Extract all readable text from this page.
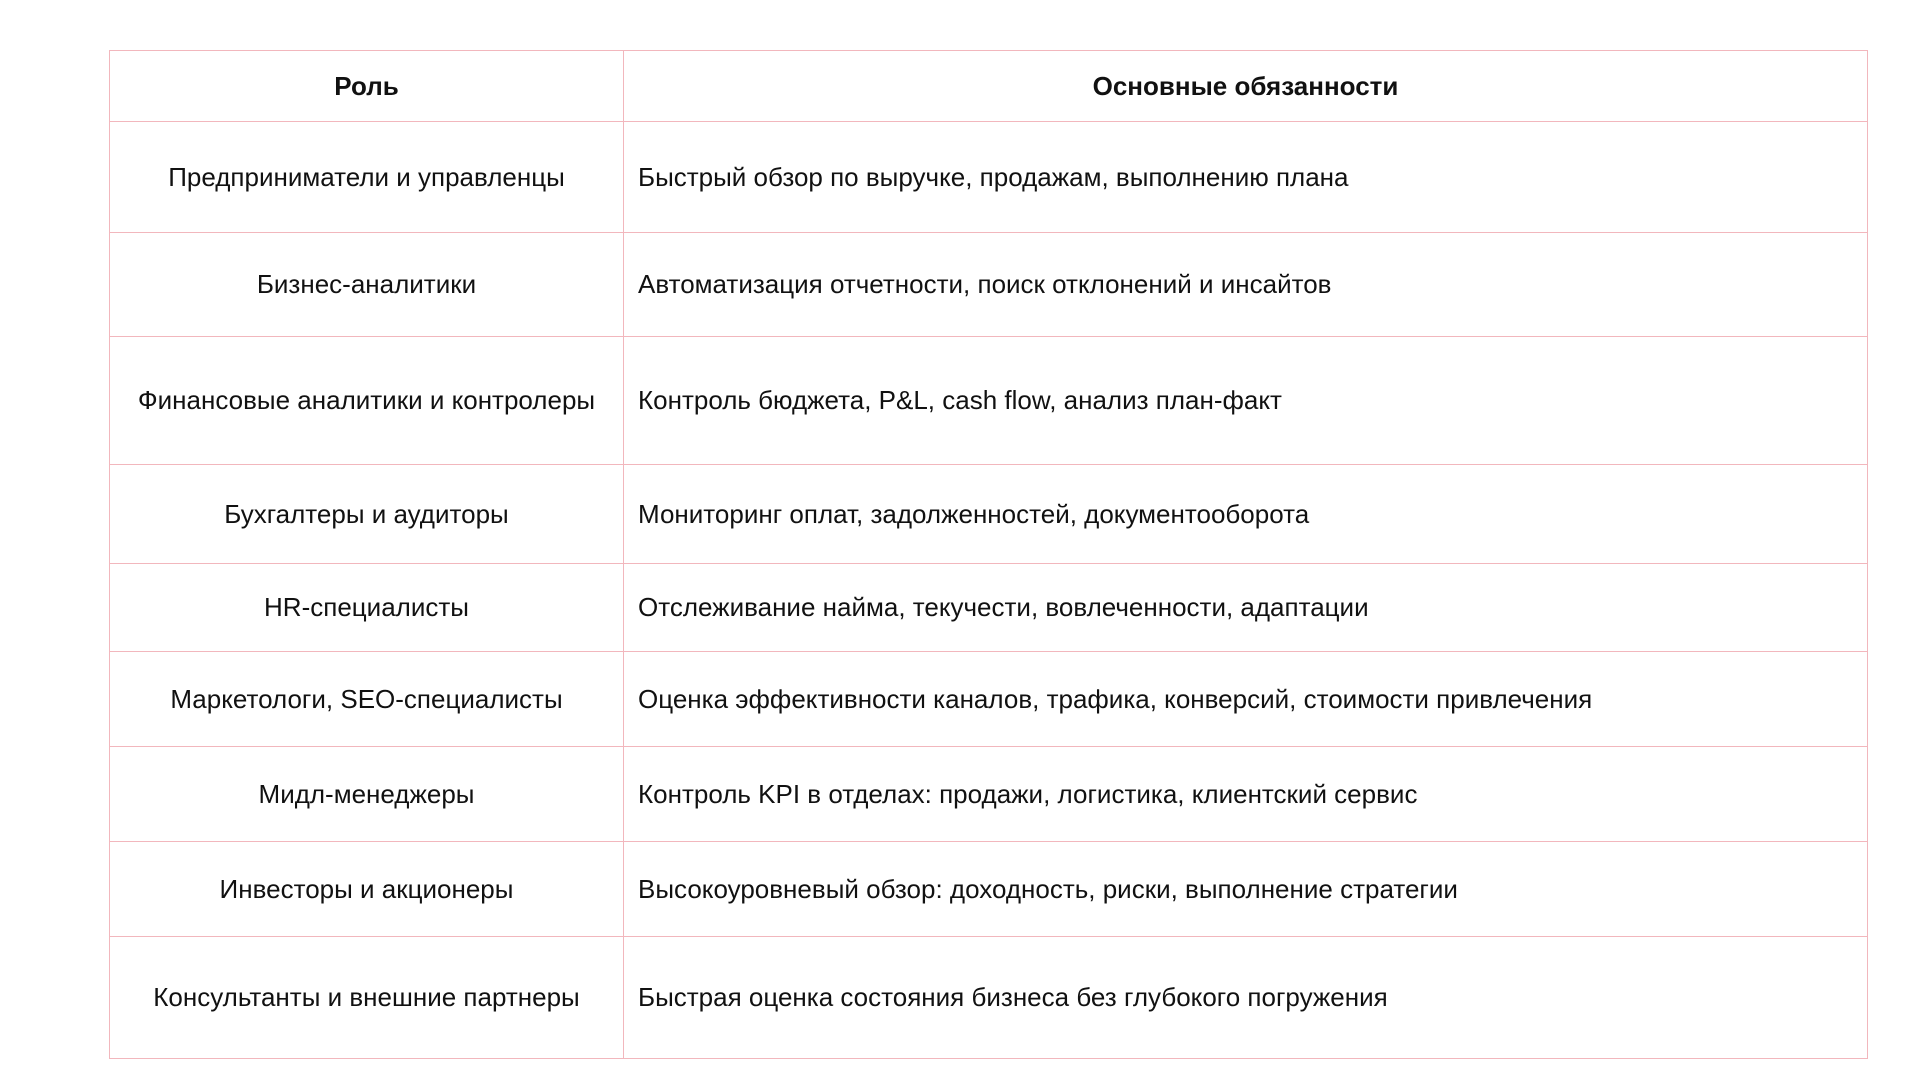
Роль	Основные обязанности
Предприниматели и управленцы	Быстрый обзор по выручке, продажам, выполнению плана
Бизнес-аналитики	Автоматизация отчетности, поиск отклонений и инсайтов
Финансовые аналитики и контролеры	Контроль бюджета, P&L, cash flow, анализ план-факт
Бухгалтеры и аудиторы	Мониторинг оплат, задолженностей, документооборота
HR-специалисты	Отслеживание найма, текучести, вовлеченности, адаптации
Маркетологи, SEO-специалисты	Оценка эффективности каналов, трафика, конверсий, стоимости привлечения
Мидл-менеджеры	Контроль KPI в отделах: продажи, логистика, клиентский сервис
Инвесторы и акционеры	Высокоуровневый обзор: доходность, риски, выполнение стратегии
Консультанты и внешние партнеры	Быстрая оценка состояния бизнеса без глубокого погружения
